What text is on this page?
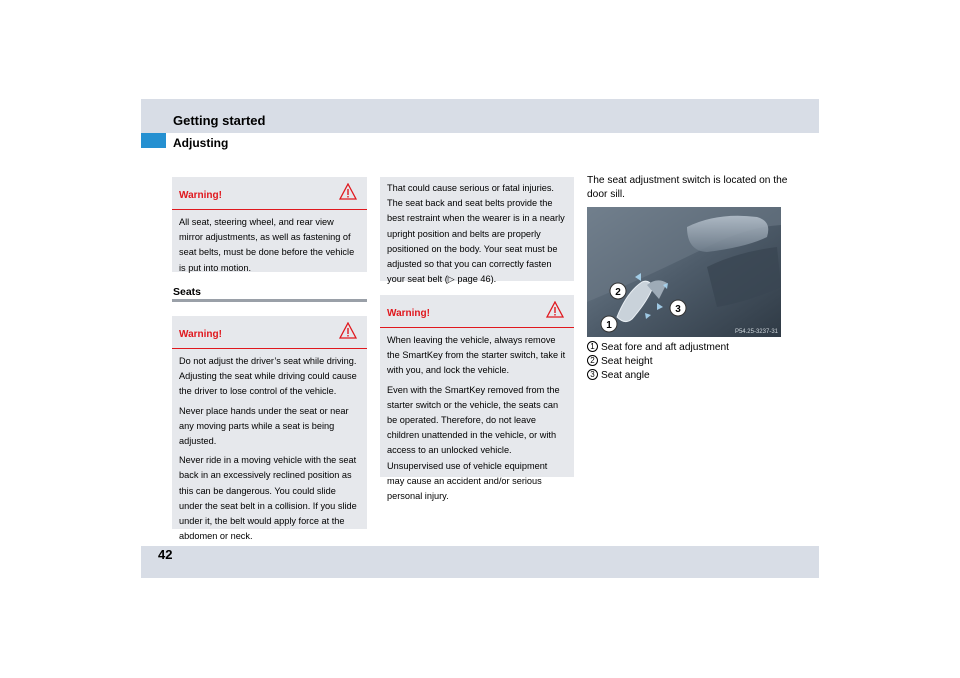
Getting started
Adjusting
Warning!

All seat, steering wheel, and rear view mirror adjustments, as well as fastening of seat belts, must be done before the vehicle is put into motion.

Seats
Warning!

Do not adjust the driver’s seat while driving. Adjusting the seat while driving could cause the driver to lose control of the vehicle.

Never place hands under the seat or near any moving parts while a seat is being adjusted.

Never ride in a moving vehicle with the seat back in an excessively reclined position as this can be dangerous. You could slide under the seat belt in a collision. If you slide under it, the belt would apply force at the abdomen or neck.

That could cause serious or fatal injuries. The seat back and seat belts provide the best restraint when the wearer is in a nearly upright position and belts are properly positioned on the body. Your seat must be adjusted so that you can correctly fasten your seat belt (▷ page 46).

Warning!

When leaving the vehicle, always remove the SmartKey from the starter switch, take it with you, and lock the vehicle.

Even with the SmartKey removed from the starter switch or the vehicle, the seats can be operated. Therefore, do not leave children unattended in the vehicle, or with access to an unlocked vehicle. Unsupervised use of vehicle equipment may cause an accident and/or serious personal injury.

The seat adjustment switch is located on the door sill.
2
1
3
P54.25-3237-31
1 Seat fore and aft adjustment
2 Seat height
3 Seat angle
42
